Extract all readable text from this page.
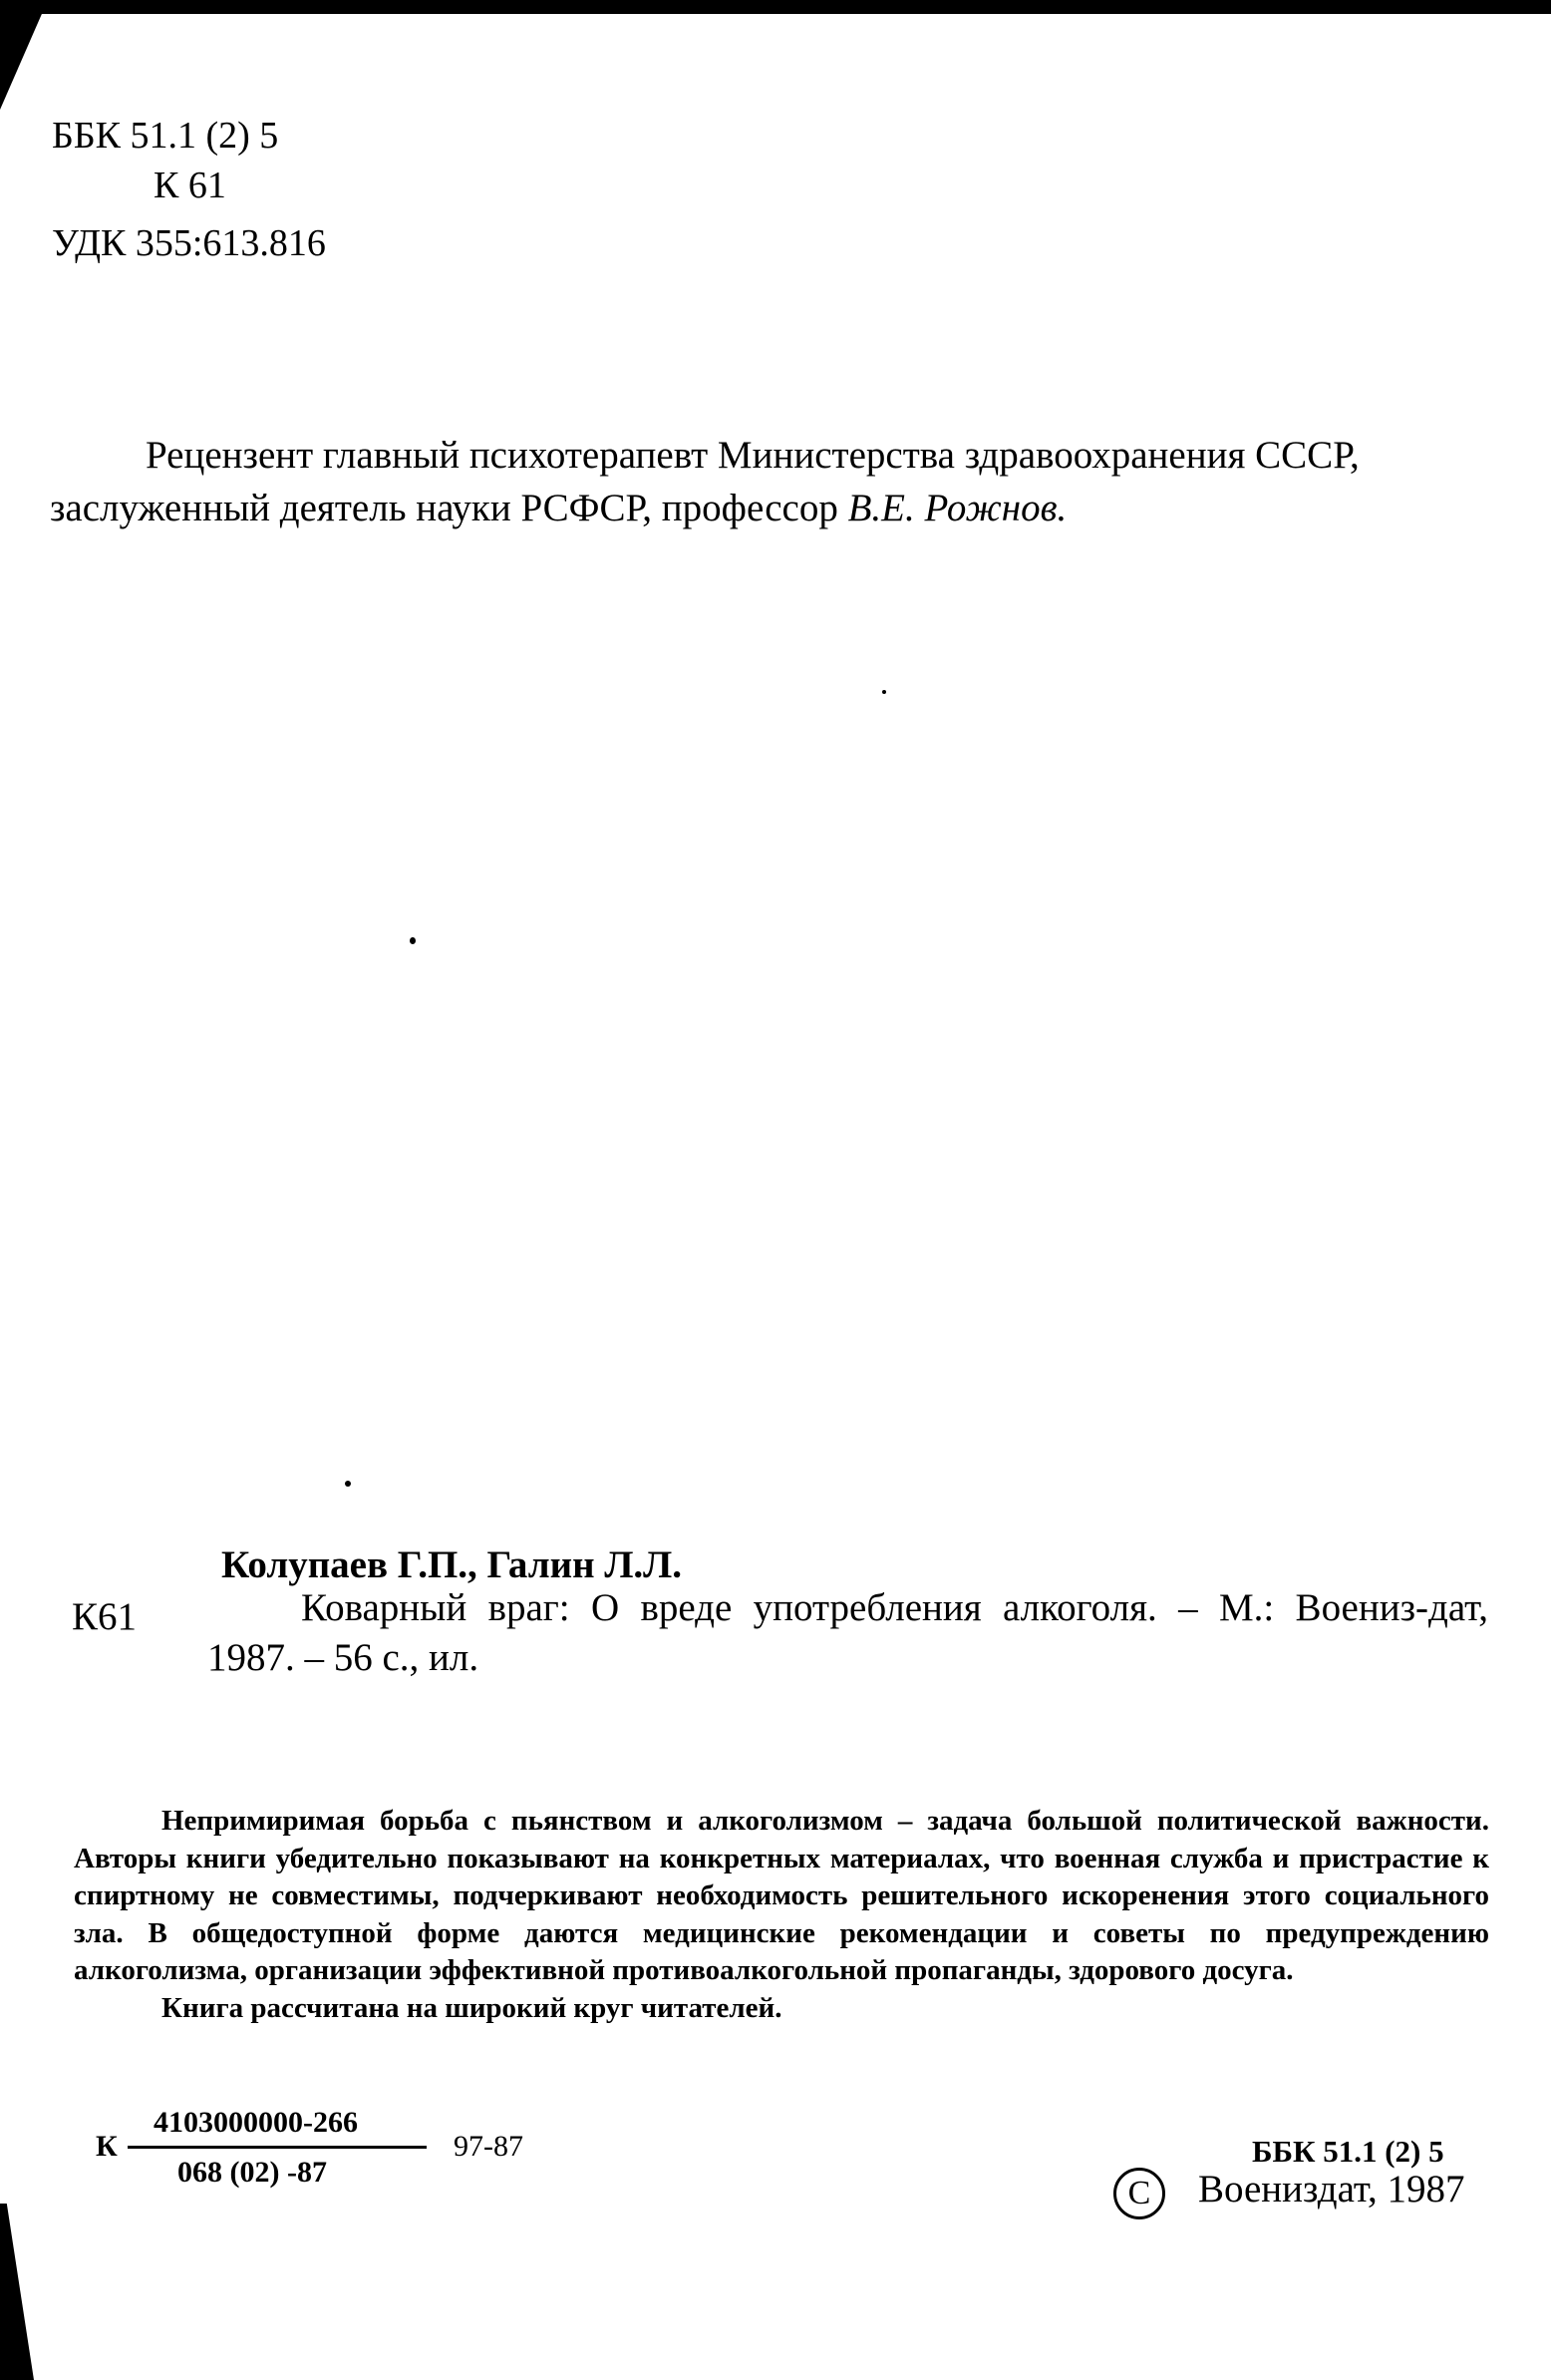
ББК 51.1 (2) 5
К 61
УДК 355:613.816
Рецензент главный психотерапевт Министерства здравоохранения СССР,
заслуженный деятель науки РСФСР, профессор В.Е. Рожнов.
Колупаев Г.П., Галин Л.Л.
К61	Коварный враг: О вреде употребления алкоголя. – М.: Воениз-дат, 1987. – 56 с., ил.

Непримиримая борьба с пьянством и алкоголизмом – задача большой политической важности. Авторы книги убедительно показывают на конкретных материалах, что военная служба и пристрастие к спиртному не совместимы, подчеркивают необходимость решительного искоренения этого социального зла. В общедоступной форме даются медицинские рекомендации и советы по предупреждению алкоголизма, организации эффективной противоалкогольной пропаганды, здорового досуга.

Книга рассчитана на широкий круг читателей.

4103000000-266
К
068 (02) -87
97-87	ББК 51.1 (2) 5
C	Воениздат, 1987
